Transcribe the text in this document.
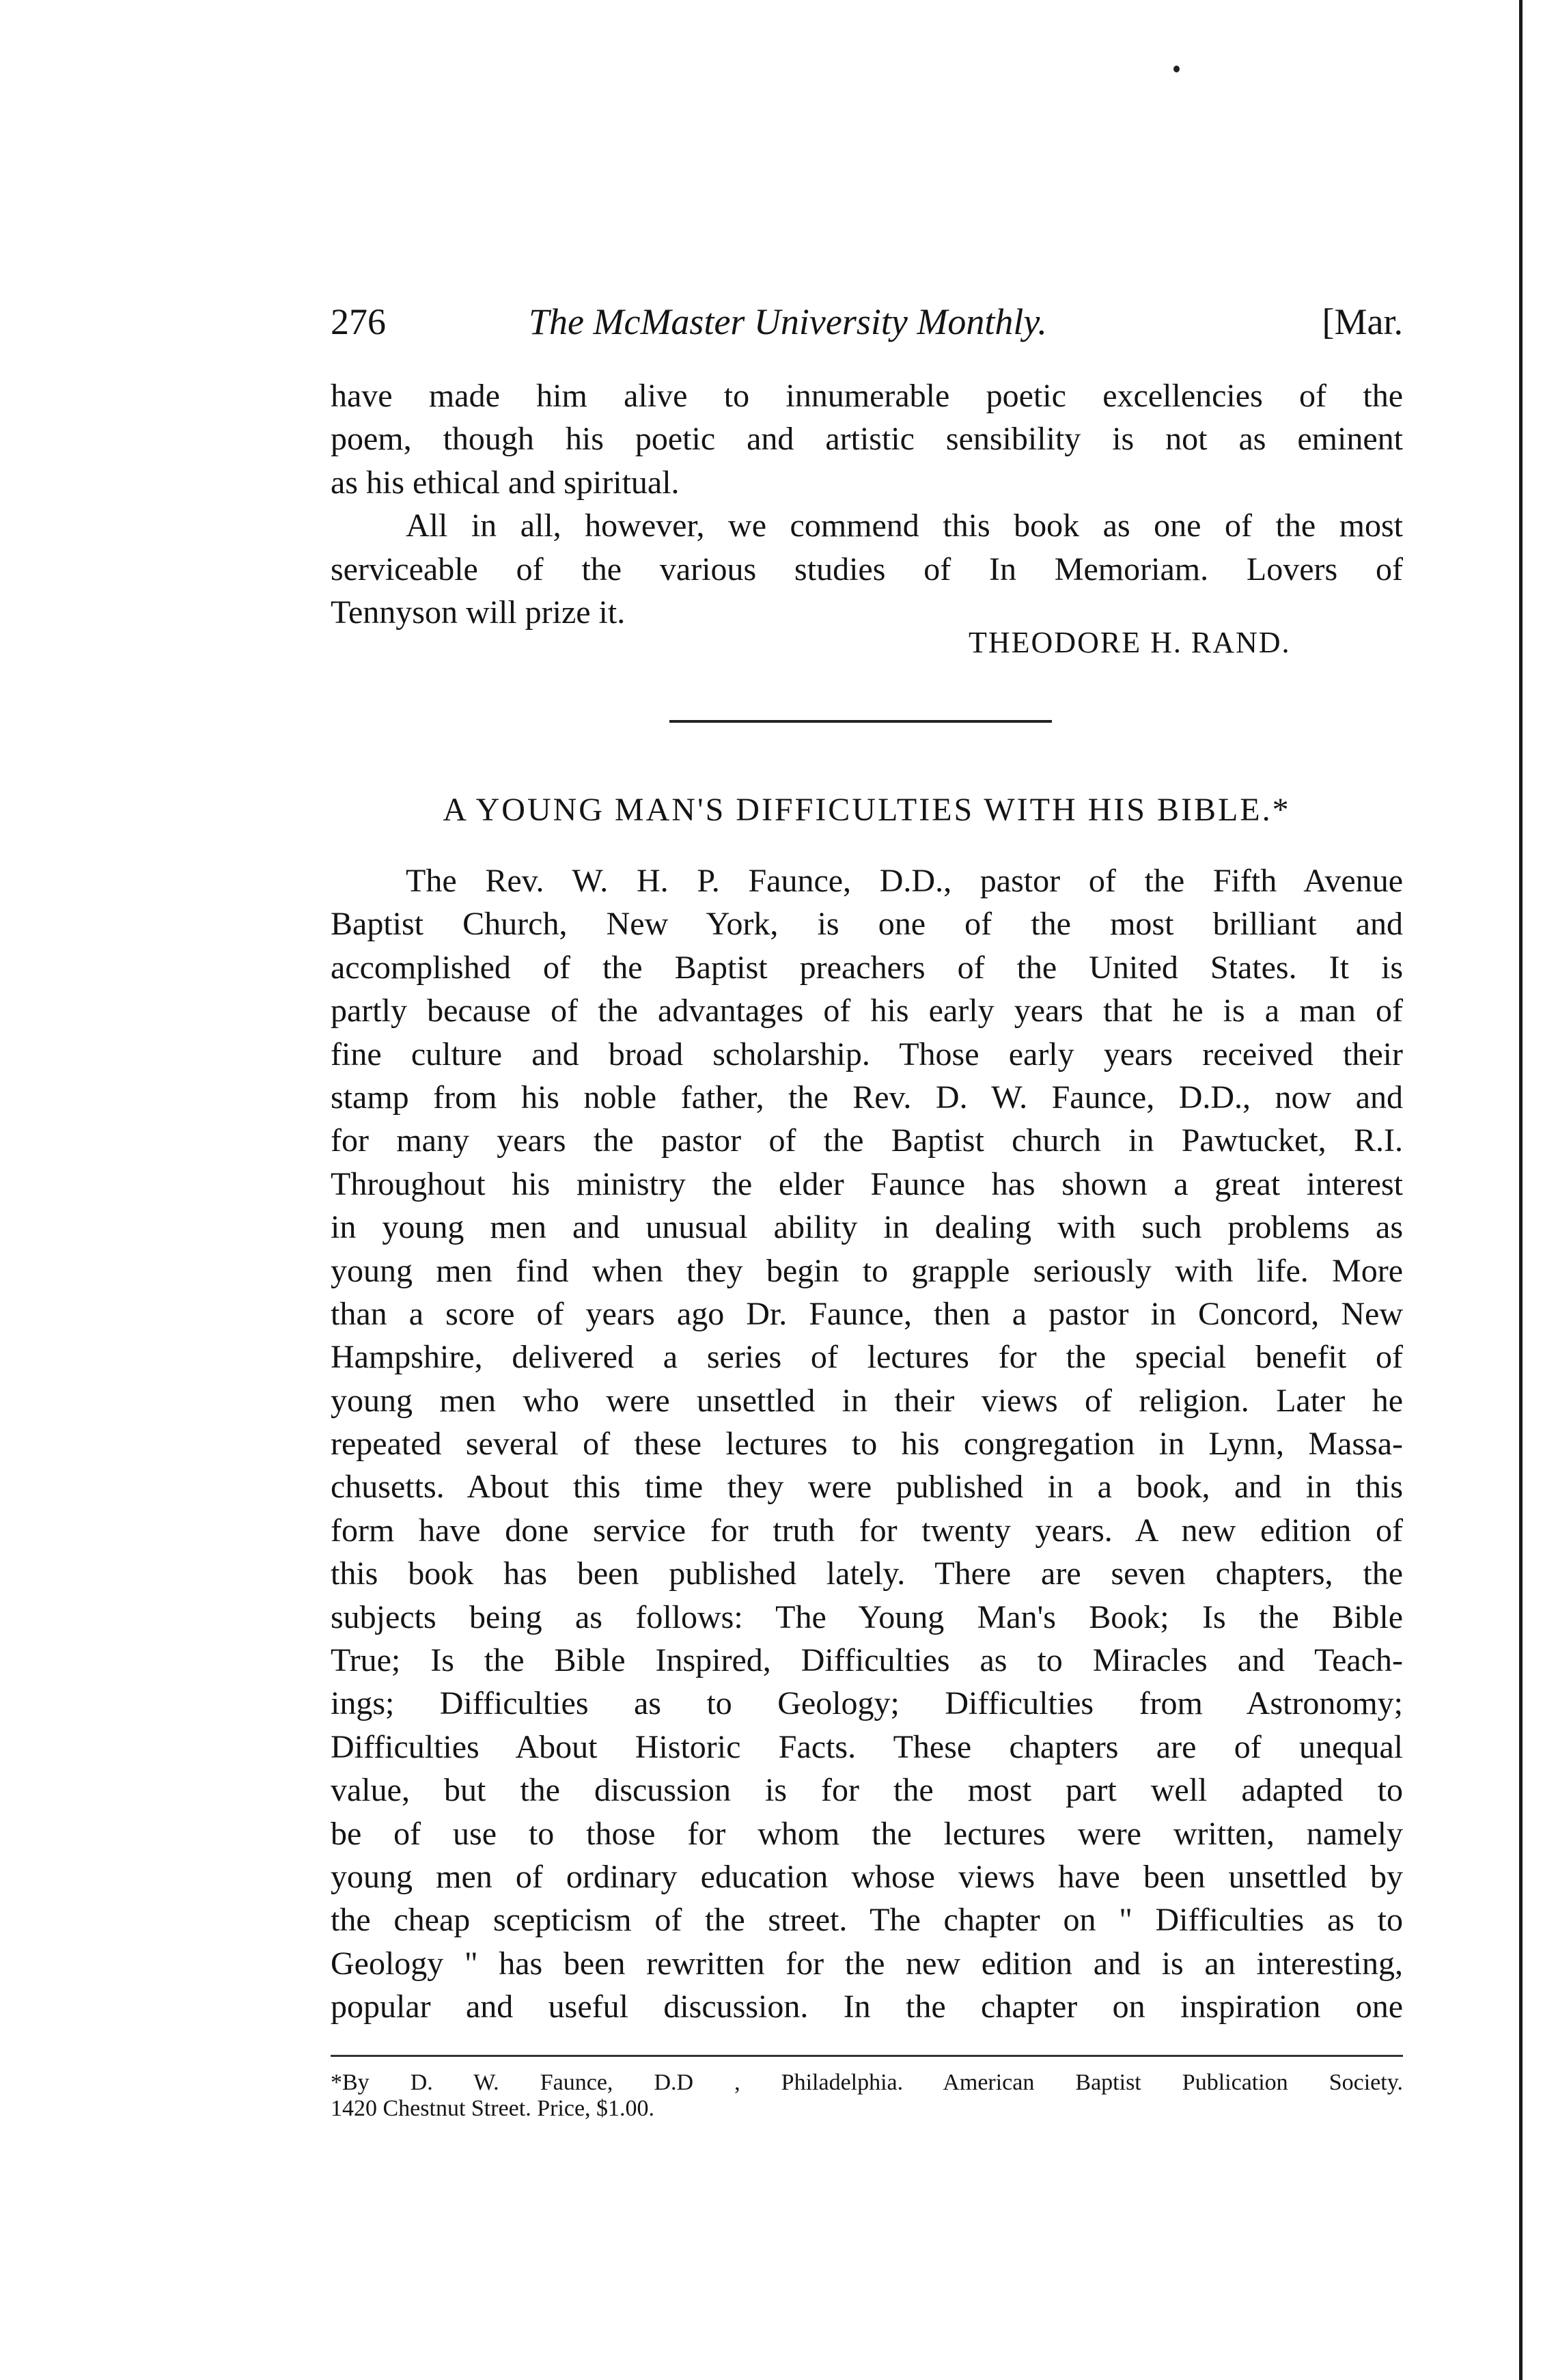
276	The McMaster University Monthly.	[Mar.
have made him alive to innumerable poetic excellencies of the
poem, though his poetic and artistic sensibility is not as eminent
as his ethical and spiritual.
All in all, however, we commend this book as one of the most
serviceable of the various studies of In Memoriam. Lovers of
Tennyson will prize it.
THEODORE H. RAND.
A YOUNG MAN'S DIFFICULTIES WITH HIS BIBLE.*
The Rev. W. H. P. Faunce, D.D., pastor of the Fifth Avenue
Baptist Church, New York, is one of the most brilliant and
accomplished of the Baptist preachers of the United States. It is
partly because of the advantages of his early years that he is a man of
fine culture and broad scholarship. Those early years received their
stamp from his noble father, the Rev. D. W. Faunce, D.D., now and
for many years the pastor of the Baptist church in Pawtucket, R.I.
Throughout his ministry the elder Faunce has shown a great interest
in young men and unusual ability in dealing with such problems as
young men find when they begin to grapple seriously with life. More
than a score of years ago Dr. Faunce, then a pastor in Concord, New
Hampshire, delivered a series of lectures for the special benefit of
young men who were unsettled in their views of religion. Later he
repeated several of these lectures to his congregation in Lynn, Massa-
chusetts. About this time they were published in a book, and in this
form have done service for truth for twenty years. A new edition of
this book has been published lately. There are seven chapters, the
subjects being as follows: The Young Man's Book; Is the Bible
True; Is the Bible Inspired, Difficulties as to Miracles and Teach-
ings; Difficulties as to Geology; Difficulties from Astronomy;
Difficulties About Historic Facts. These chapters are of unequal
value, but the discussion is for the most part well adapted to
be of use to those for whom the lectures were written, namely
young men of ordinary education whose views have been unsettled by
the cheap scepticism of the street. The chapter on " Difficulties as to
Geology " has been rewritten for the new edition and is an interesting,
popular and useful discussion. In the chapter on inspiration one
*By D. W. Faunce, D.D , Philadelphia. American Baptist Publication Society.
1420 Chestnut Street. Price, $1.00.
